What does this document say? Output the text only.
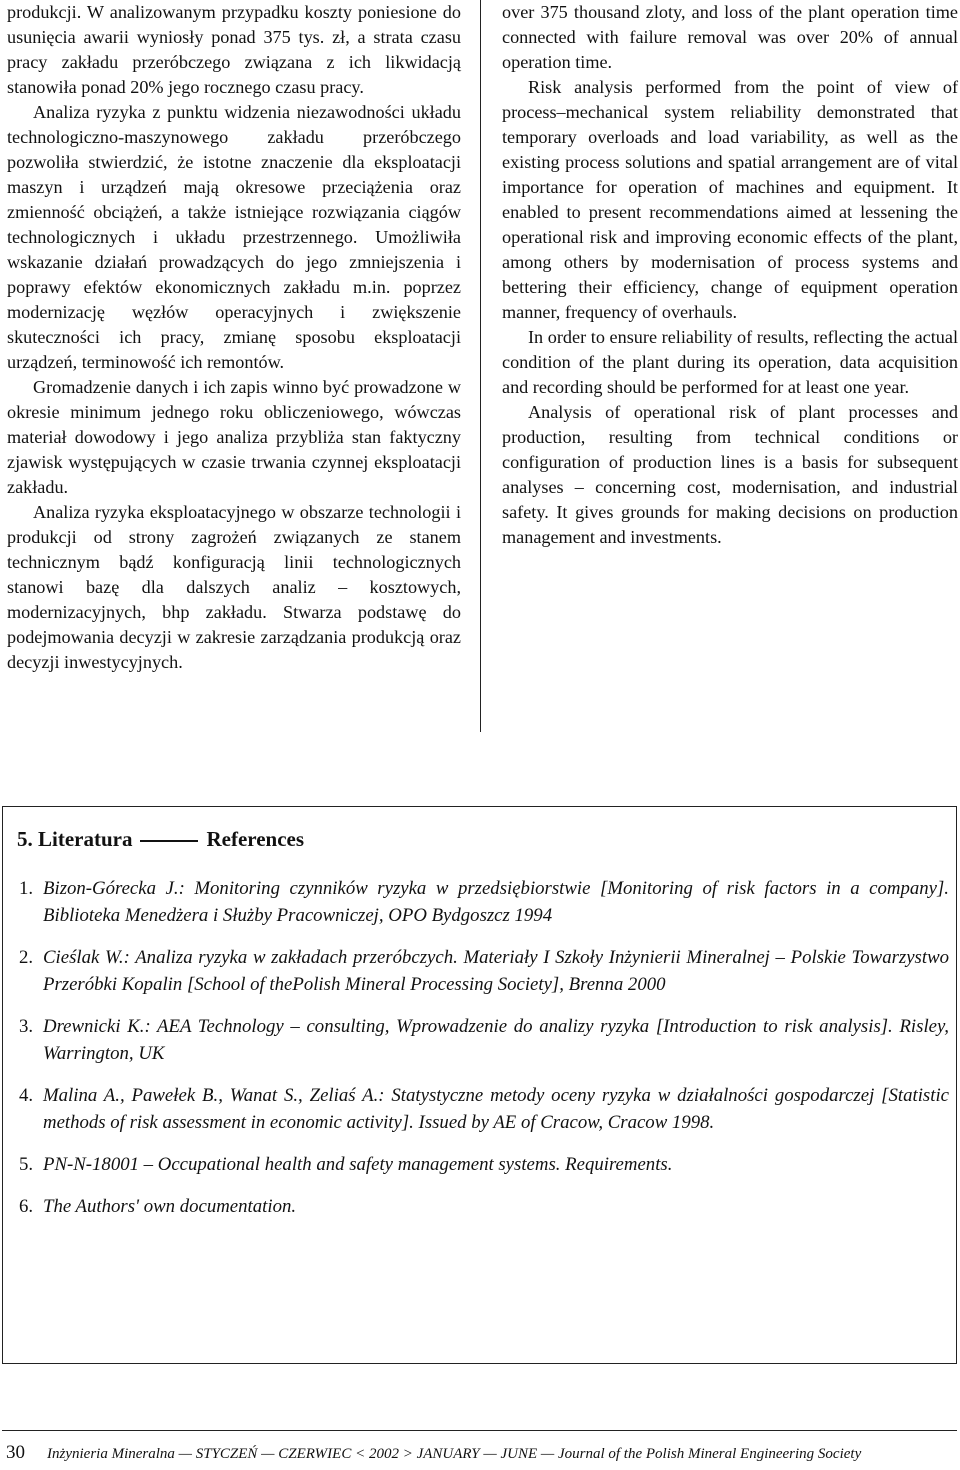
produkcji. W analizowanym przypadku koszty poniesione do usunięcia awarii wyniosły ponad 375 tys. zł, a strata czasu pracy zakładu przeróbczego związana z ich likwidacją stanowiła ponad 20% jego rocznego czasu pracy.

Analiza ryzyka z punktu widzenia niezawodności układu technologiczno-maszynowego zakładu przeróbczego pozwoliła stwierdzić, że istotne znaczenie dla eksploatacji maszyn i urządzeń mają okresowe przeciążenia oraz zmienność obciążeń, a także istniejące rozwiązania ciągów technologicznych i układu przestrzennego. Umożliwiła wskazanie działań prowadzących do jego zmniejszenia i poprawy efektów ekonomicznych zakładu m.in. poprzez modernizację węzłów operacyjnych i zwiększenie skuteczności ich pracy, zmianę sposobu eksploatacji urządzeń, terminowość ich remontów.

Gromadzenie danych i ich zapis winno być prowadzone w okresie minimum jednego roku obliczeniowego, wówczas materiał dowodowy i jego analiza przybliża stan faktyczny zjawisk występujących w czasie trwania czynnej eksploatacji zakładu.

Analiza ryzyka eksploatacyjnego w obszarze technologii i produkcji od strony zagrożeń związanych ze stanem technicznym bądź konfiguracją linii technologicznych stanowi bazę dla dalszych analiz – kosztowych, modernizacyjnych, bhp zakładu. Stwarza podstawę do podejmowania decyzji w zakresie zarządzania produkcją oraz decyzji inwestycyjnych.

over 375 thousand zloty, and loss of the plant operation time connected with failure removal was over 20% of annual operation time.

Risk analysis performed from the point of view of process–mechanical system reliability demonstrated that temporary overloads and load variability, as well as the existing process solutions and spatial arrangement are of vital importance for operation of machines and equipment. It enabled to present recommendations aimed at lessening the operational risk and improving economic effects of the plant, among others by modernisation of process systems and bettering their efficiency, change of equipment operation manner, frequency of overhauls.

In order to ensure reliability of results, reflecting the actual condition of the plant during its operation, data acquisition and recording should be performed for at least one year.

Analysis of operational risk of plant processes and production, resulting from technical conditions or configuration of production lines is a basis for subsequent analyses – concerning cost, modernisation, and industrial safety. It gives grounds for making decisions on production management and investments.

5. Literatura	References
1. Bizon-Górecka J.: Monitoring czynników ryzyka w przedsiębiorstwie [Monitoring of risk factors in a company]. Biblioteka Menedżera i Służby Pracowniczej, OPO Bydgoszcz 1994
2. Cieślak W.: Analiza ryzyka w zakładach przeróbczych. Materiały I Szkoły Inżynierii Mineralnej – Polskie Towarzystwo Przeróbki Kopalin [School of thePolish Mineral Processing Society], Brenna 2000
3. Drewnicki K.: AEA Technology – consulting, Wprowadzenie do analizy ryzyka [Introduction to risk analysis]. Risley, Warrington, UK
4. Malina A., Pawełek B., Wanat S., Zeliaś A.: Statystyczne metody oceny ryzyka w działalności gospodarczej [Statistic methods of risk assessment in economic activity]. Issued by AE of Cracow, Cracow 1998.
5. PN-N-18001 – Occupational health and safety management systems. Requirements.
6. The Authors' own documentation.
30 Inżynieria Mineralna — STYCZEŃ — CZERWIEC < 2002 > JANUARY — JUNE — Journal of the Polish Mineral Engineering Society
